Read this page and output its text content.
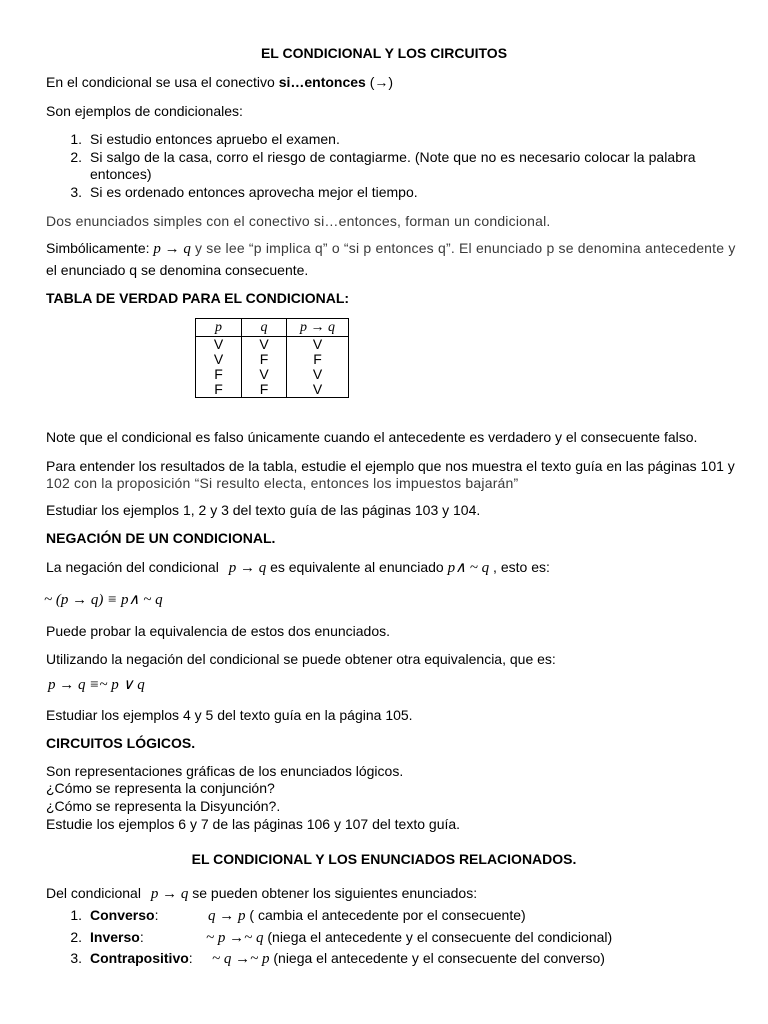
EL CONDICIONAL Y LOS CIRCUITOS
En el condicional se usa el conectivo si…entonces (→)
Son ejemplos de condicionales:
1. Si estudio entonces apruebo el examen.
2. Si salgo de la casa, corro el riesgo de contagiarme. (Note que no es necesario colocar la palabra
entonces)
3. Si es ordenado entonces aprovecha mejor el tiempo.
Dos enunciados simples con el conectivo si…entonces, forman un condicional.
Simbólicamente: p → q y se lee “p implica q” o “si p entonces q”. El enunciado p se denomina antecedente y
el enunciado q se denomina consecuente.
TABLA DE VERDAD PARA EL CONDICIONAL:
p	q	p → q
V	V	V
V	F	F
F	V	V
F	F	V
Note que el condicional es falso únicamente cuando el antecedente es verdadero y el consecuente falso.
Para entender los resultados de la tabla, estudie el ejemplo que nos muestra el texto guía en las páginas 101 y
102 con la proposición “Si resulto electa, entonces los impuestos bajarán”
Estudiar los ejemplos 1, 2 y 3 del texto guía de las páginas 103 y 104.
NEGACIÓN DE UN CONDICIONAL.
La negación del condicional p → q es equivalente al enunciado p∧ ~ q , esto es:
~ (p → q) ≡ p∧ ~ q
Puede probar la equivalencia de estos dos enunciados.
Utilizando la negación del condicional se puede obtener otra equivalencia, que es:
p → q ≡~ p ∨ q
Estudiar los ejemplos 4 y 5 del texto guía en la página 105.
CIRCUITOS LÓGICOS.
Son representaciones gráficas de los enunciados lógicos.
¿Cómo se representa la conjunción?
¿Cómo se representa la Disyunción?.
Estudie los ejemplos 6 y 7 de las páginas 106 y 107 del texto guía.
EL CONDICIONAL Y LOS ENUNCIADOS RELACIONADOS.
Del condicional p → q se pueden obtener los siguientes enunciados:
1. Converso:	q → p ( cambia el antecedente por el consecuente)
2. Inverso:	~ p →~ q (niega el antecedente y el consecuente del condicional)
3. Contrapositivo: ~ q →~ p (niega el antecedente y el consecuente del converso)
